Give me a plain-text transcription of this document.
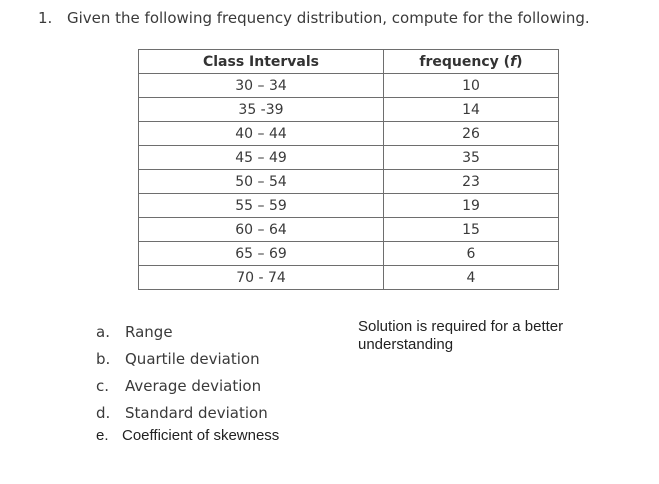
1. Given the following frequency distribution, compute for the following.
Class Intervals	frequency (f)
30 – 34	10
35 -39	14
40 – 44	26
45 – 49	35
50 – 54	23
55 – 59	19
60 – 64	15
65 – 69	6
70 - 74	4
a. Range
b. Quartile deviation
c. Average deviation
d. Standard deviation
e. Coefficient of skewness
Solution is required for a better understanding
